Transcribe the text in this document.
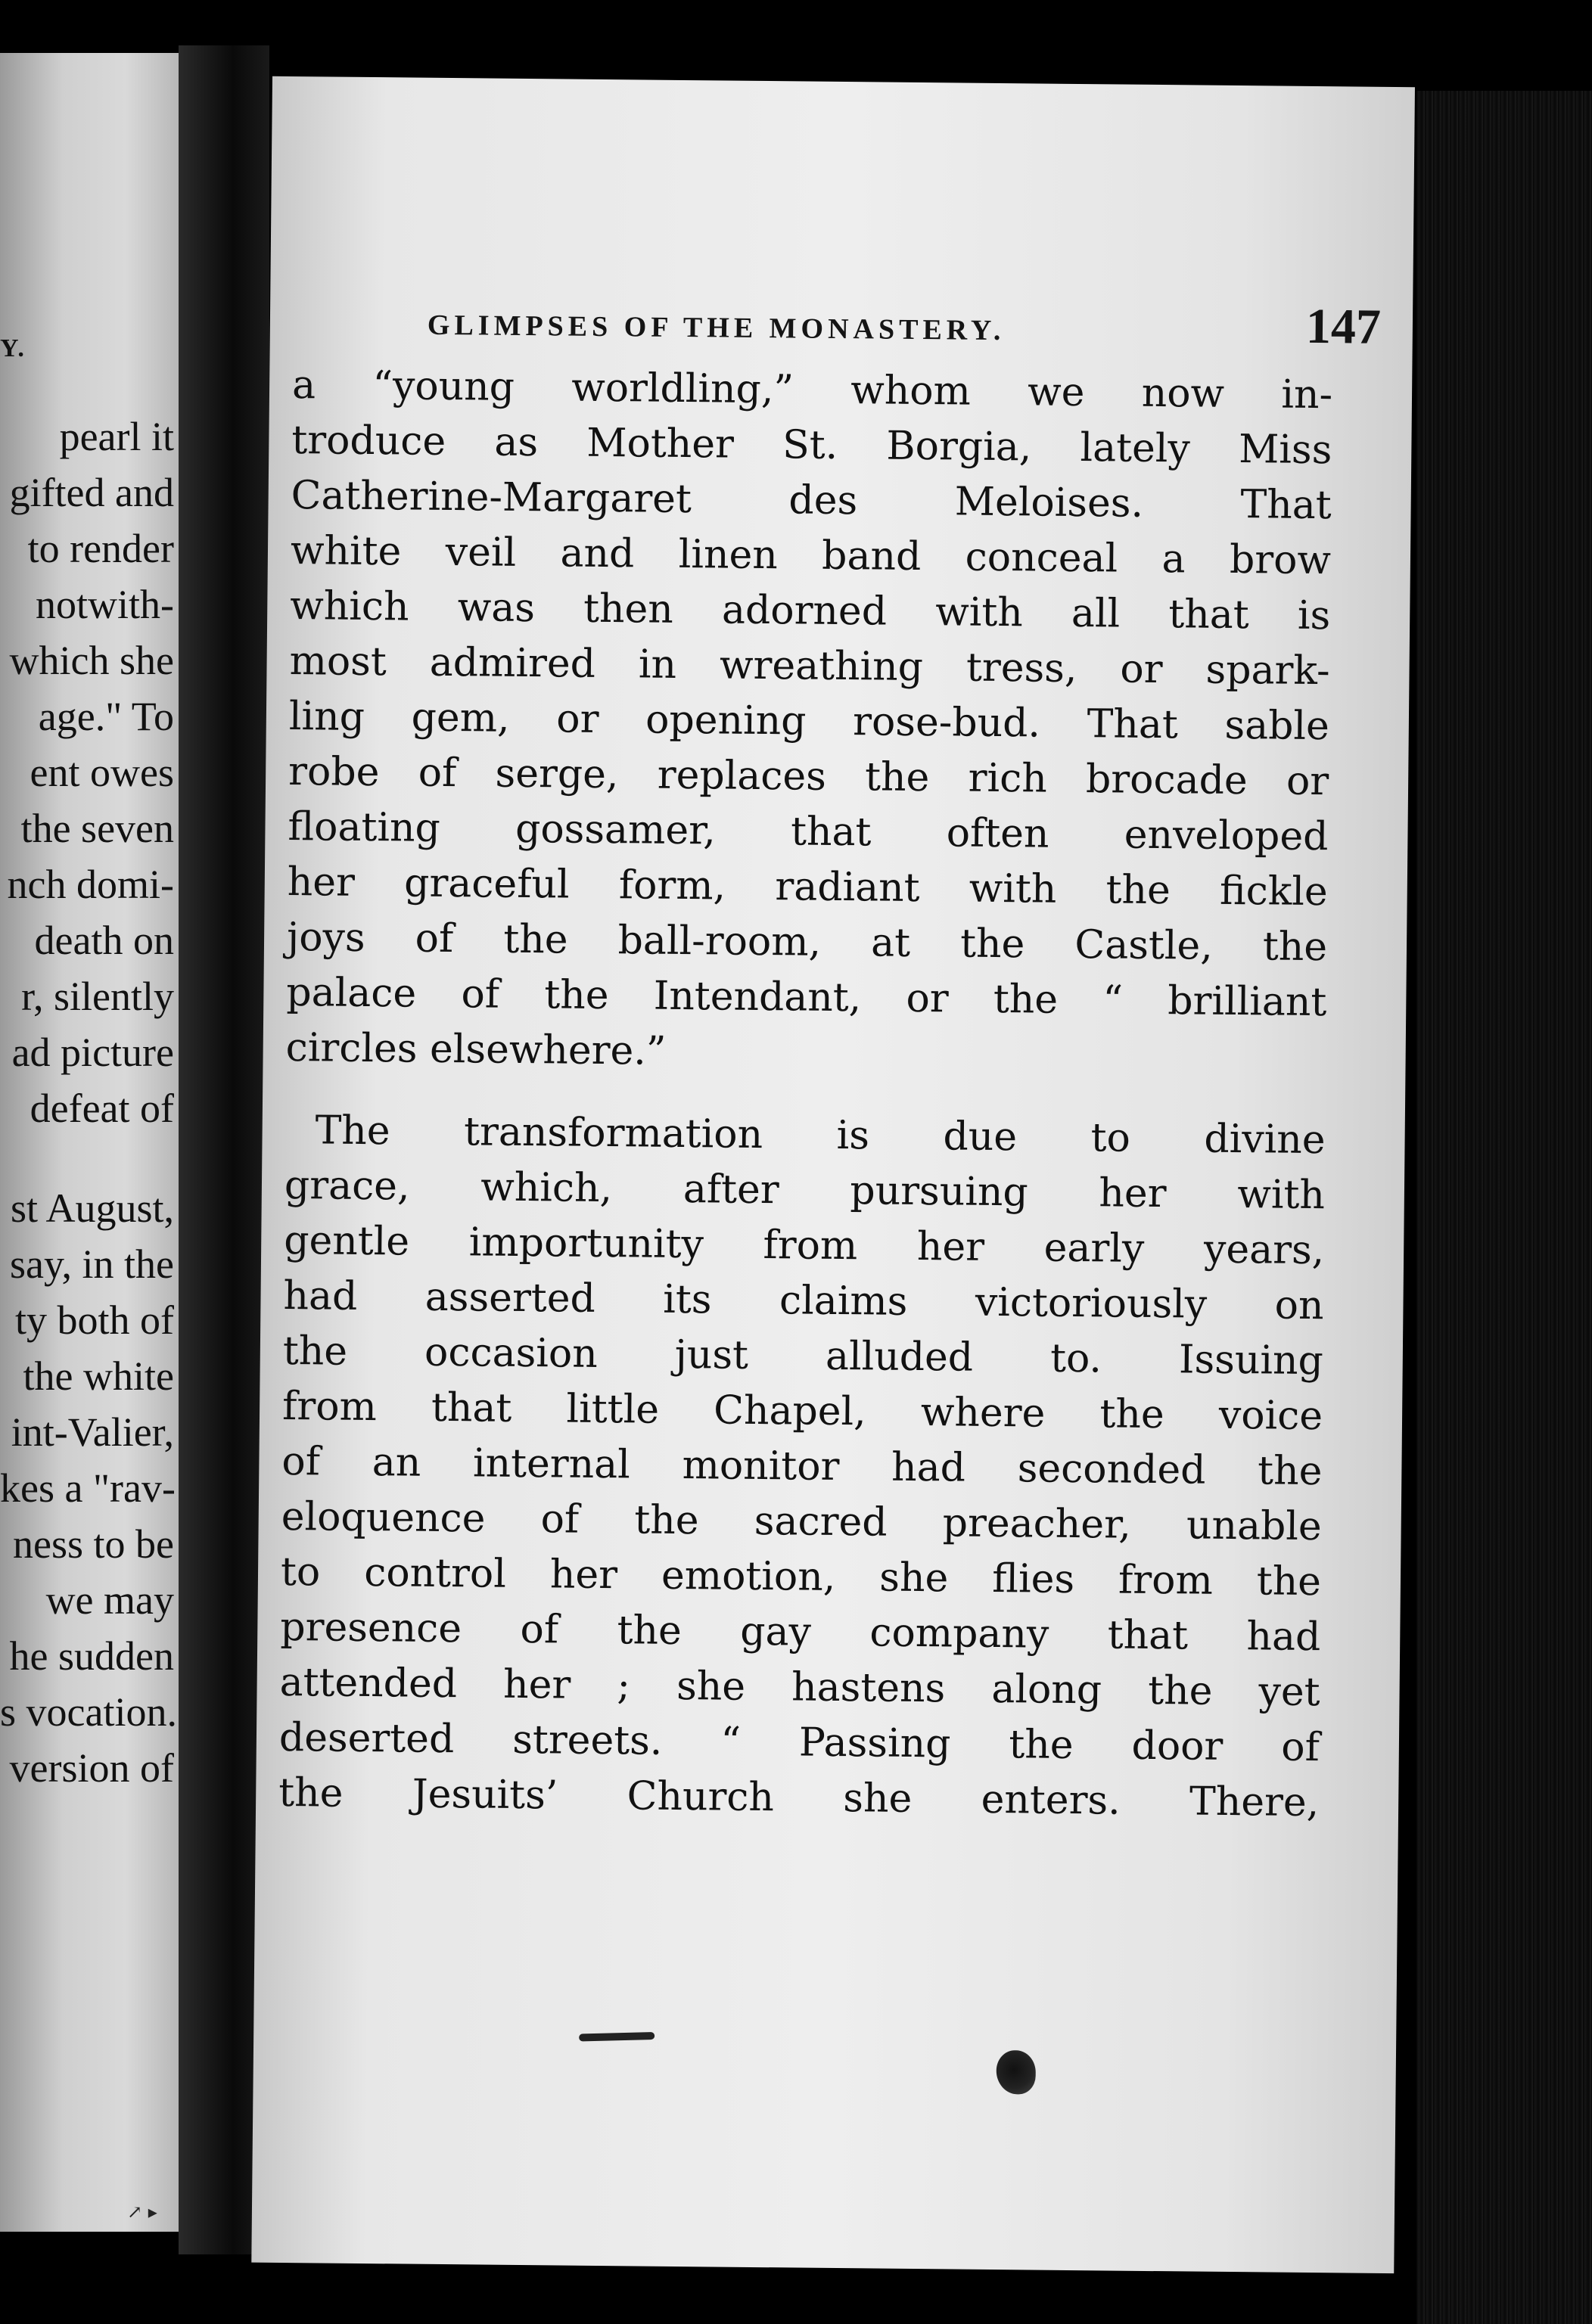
Y.
pearl it
gifted and
to render
notwith-
which she
age." To
ent owes
the seven
nch domi-
death on
r, silently
ad picture
defeat of
st August,
say, in the
ty both of
the white
int-Valier,
kes a "rav-
ness to be
we may
he sudden
s vocation.
version of
↗ ▸
GLIMPSES OF THE MONASTERY.	147
a “young worldling,” whom we now in-
troduce as Mother St. Borgia, lately Miss
Catherine-Margaret des Meloises. That
white veil and linen band conceal a brow
which was then adorned with all that is
most admired in wreathing tress, or spark-
ling gem, or opening rose-bud. That sable
robe of serge, replaces the rich brocade or
floating gossamer, that often enveloped
her graceful form, radiant with the fickle
joys of the ball-room, at the Castle, the
palace of the Intendant, or the “ brilliant
circles elsewhere.”
The transformation is due to divine
grace, which, after pursuing her with
gentle importunity from her early years,
had asserted its claims victoriously on
the occasion just alluded to. Issuing
from that little Chapel, where the voice
of an internal monitor had seconded the
eloquence of the sacred preacher, unable
to control her emotion, she flies from the
presence of the gay company that had
attended her ; she hastens along the yet
deserted streets. “ Passing the door of
the Jesuits’ Church she enters. There,
